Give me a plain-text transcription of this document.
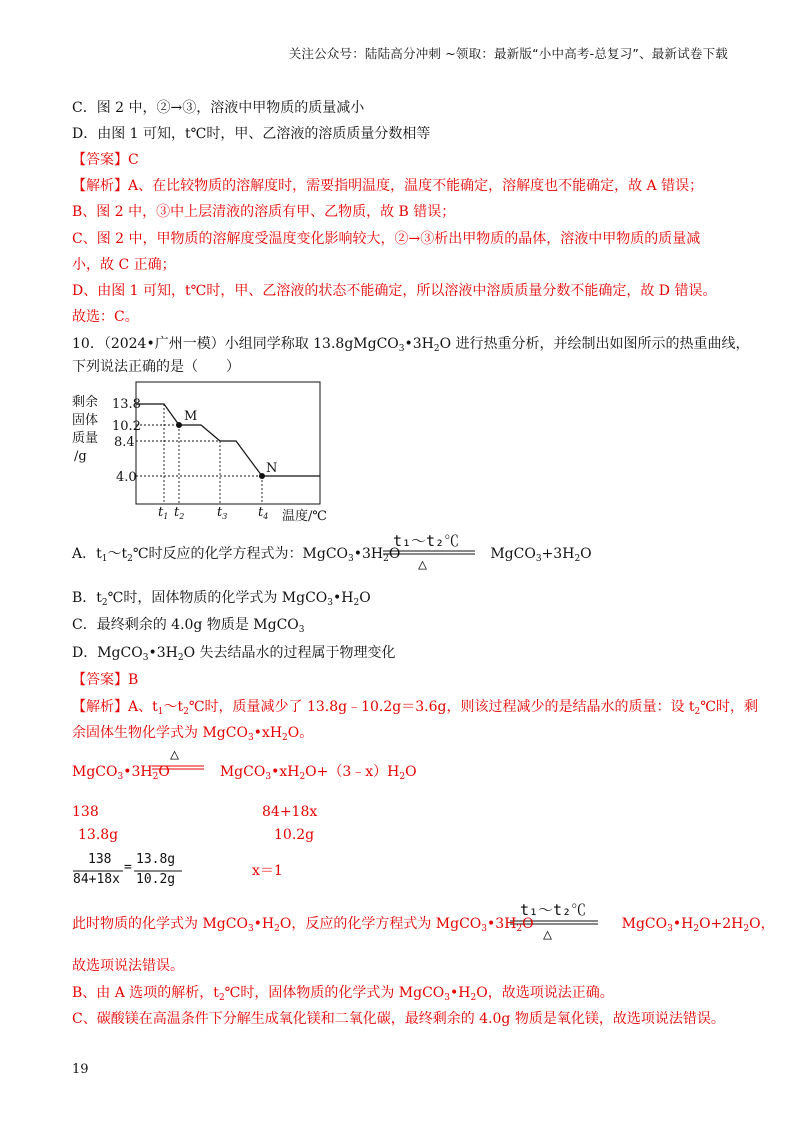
关注公众号：陆陆高分冲刺 ~领取：最新版“小中高考-总复习”、最新试卷下载
C．图 2 中，②→③，溶液中甲物质的质量减小
D．由图 1 可知，t℃时，甲、乙溶液的溶质质量分数相等
【答案】C
【解析】A、在比较物质的溶解度时，需要指明温度，温度不能确定，溶解度也不能确定，故 A 错误；
B、图 2 中，③中上层清液的溶质有甲、乙物质，故 B 错误；
C、图 2 中，甲物质的溶解度受温度变化影响较大，②→③析出甲物质的晶体，溶液中甲物质的质量减
小，故 C 正确；
D、由图 1 可知，t℃时，甲、乙溶液的状态不能确定，所以溶液中溶质质量分数不能确定，故 D 错误。
故选：C。
10．（2024•广州一模）小组同学称取 $13.8gMgCO_3•3H_2O$ 进行热重分析，并绘制出如图所示的热重曲线，
下列说法正确的是（　　）
剩余
固体
质量
/g
13.8
10.2
8.4
4.0
$t_1$ $t_2$	$t_3$ $t_4$ 温度/℃
M
N
A．$t_1\sim t_2℃$时反应的化学方程式为：$MgCO_3•3H_2O$	$MgCO_3+3H_2O$
t₁～t₂℃
△
B．$t_2℃$时，固体物质的化学式为 $MgCO_3•H_2O$
C．最终剩余的 4.0g 物质是 MgCO$_3$
D．$MgCO_3•3H_2O$ 失去结晶水的过程属于物理变化
【答案】B
【解析】A、$t_1\sim t_2℃$时，质量减少了 13.8g﹣10.2g＝3.6g，则该过程减少的是结晶水的质量：设 $t_2℃$时，剩
余固体生物化学式为 $MgCO_3•xH_2O$。
△
$MgCO_3•3H_2O$	$MgCO_3•xH_2O+(3﹣x)H_2O$
138	84+18x
13.8g	10.2g
138
84+18x
=
13.8g
10.2g
x＝1
t₁～t₂℃
△
此时物质的化学式为 $MgCO_3•H_2O$，反应的化学方程式为 $MgCO_3•3H_2O$	$MgCO_3•H_2O+2H_2O$，
故选项说法错误。
B、由 A 选项的解析，$t_2℃$时，固体物质的化学式为 $MgCO_3•H_2O$，故选项说法正确。
C、碳酸镁在高温条件下分解生成氧化镁和二氧化碳，最终剩余的 4.0g 物质是氧化镁，故选项说法错误。
19
